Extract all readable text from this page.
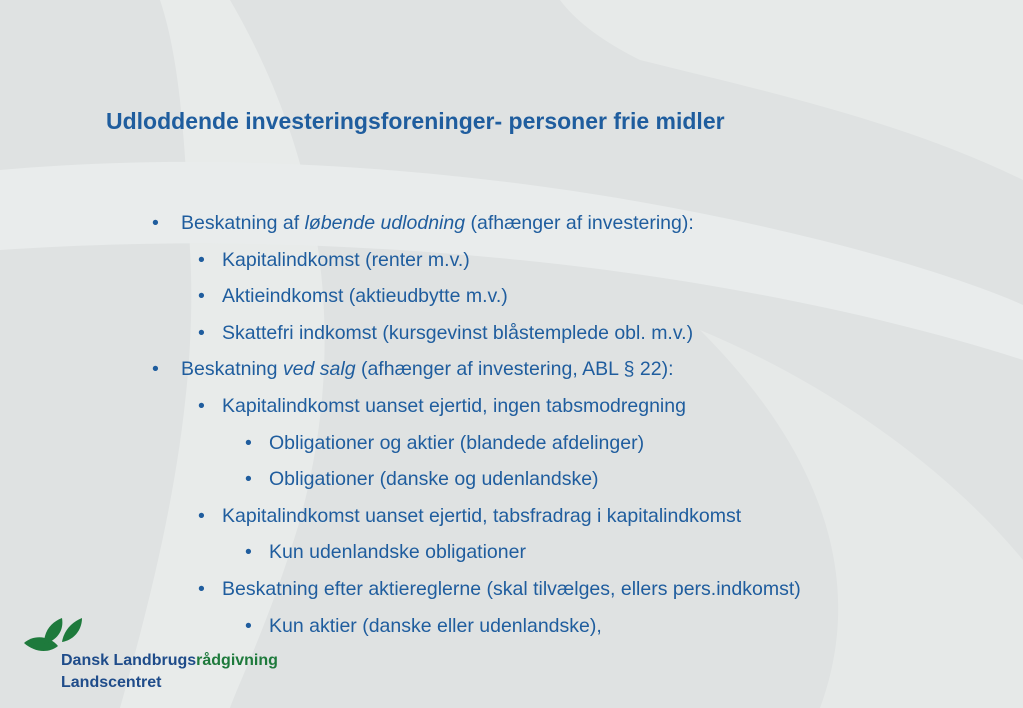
Udloddende investeringsforeninger- personer frie midler
• Beskatning af løbende udlodning (afhænger af investering):
• Kapitalindkomst (renter m.v.)
• Aktieindkomst (aktieudbytte m.v.)
• Skattefri indkomst (kursgevinst blåstemplede obl. m.v.)
• Beskatning ved salg (afhænger af investering, ABL § 22):
• Kapitalindkomst uanset ejertid, ingen tabsmodregning
• Obligationer og aktier (blandede afdelinger)
• Obligationer (danske og udenlandske)
• Kapitalindkomst uanset ejertid, tabsfradrag i kapitalindkomst
• Kun udenlandske obligationer
• Beskatning efter aktiereglerne (skal tilvælges, ellers pers.indkomst)
• Kun aktier (danske eller udenlandske),
Dansk Landbrugsrådgivning
Landscentret
